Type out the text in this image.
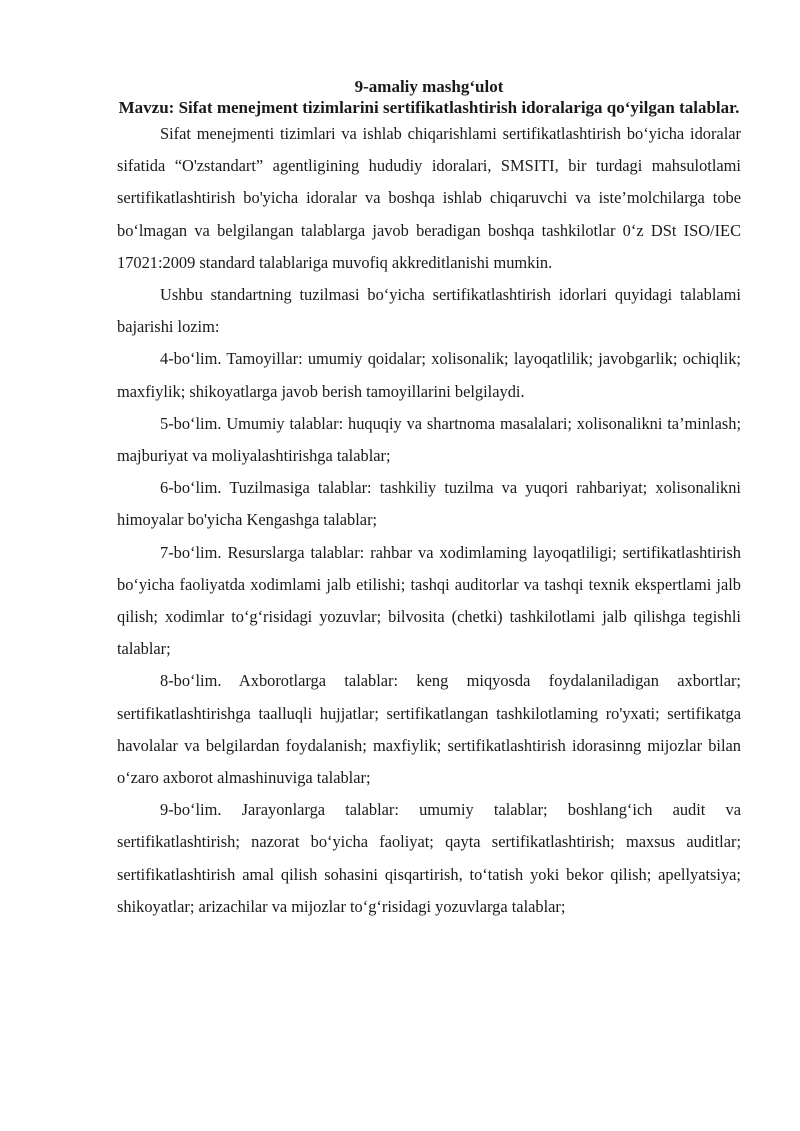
9-amaliy mashg‘ulot

Mavzu: Sifat menejment tizimlarini sertifikatlashtirish idoralariga qo‘yilgan talablar.

Sifat menejmenti tizimlari va ishlab chiqarishlami sertifikatlashtirish bo‘yicha idoralar sifatida “O'zstandart” agentligining hududiy idoralari, SMSITI, bir turdagi mahsulotlami sertifikatlashtirish bo'yicha idoralar va boshqa ishlab chiqaruvchi va iste’molchilarga tobe bo‘lmagan va belgilangan talablarga javob beradigan boshqa tashkilotlar 0‘z DSt ISO/IEC 17021:2009 standard talablariga muvofiq akkreditlanishi mumkin.

Ushbu standartning tuzilmasi bo‘yicha sertifikatlashtirish idorlari quyidagi talablami bajarishi lozim:

4-bo‘lim. Tamoyillar: umumiy qoidalar; xolisonalik; layoqatlilik; javobgarlik; ochiqlik; maxfiylik; shikoyatlarga javob berish tamoyillarini belgilaydi.

5-bo‘lim. Umumiy talablar: huquqiy va shartnoma masalalari; xolisonalikni ta’minlash; majburiyat va moliyalashtirishga talablar;

6-bo‘lim. Tuzilmasiga talablar: tashkiliy tuzilma va yuqori rahbariyat; xolisonalikni himoyalar bo'yicha Kengashga talablar;

7-bo‘lim. Resurslarga talablar: rahbar va xodimlaming layoqatliligi; sertifikatlashtirish bo‘yicha faoliyatda xodimlami jalb etilishi; tashqi auditorlar va tashqi texnik ekspertlami jalb qilish; xodimlar to‘g‘risidagi yozuvlar; bilvosita (chetki) tashkilotlami jalb qilishga tegishli talablar;

8-bo‘lim. Axborotlarga talablar: keng miqyosda foydalaniladigan axbortlar; sertifikatlashtirishga taalluqli hujjatlar; sertifikatlangan tashkilotlaming ro'yxati; sertifikatga havolalar va belgilardan foydalanish; maxfiylik; sertifikatlashtirish idorasinng mijozlar bilan o‘zaro axborot almashinuviga talablar;

9-bo‘lim. Jarayonlarga talablar: umumiy talablar; boshlang‘ich audit va sertifikatlashtirish; nazorat bo‘yicha faoliyat; qayta sertifikatlashtirish; maxsus auditlar; sertifikatlashtirish amal qilish sohasini qisqartirish, to‘tatish yoki bekor qilish; apellyatsiya; shikoyatlar; arizachilar va mijozlar to‘g‘risidagi yozuvlarga talablar;
